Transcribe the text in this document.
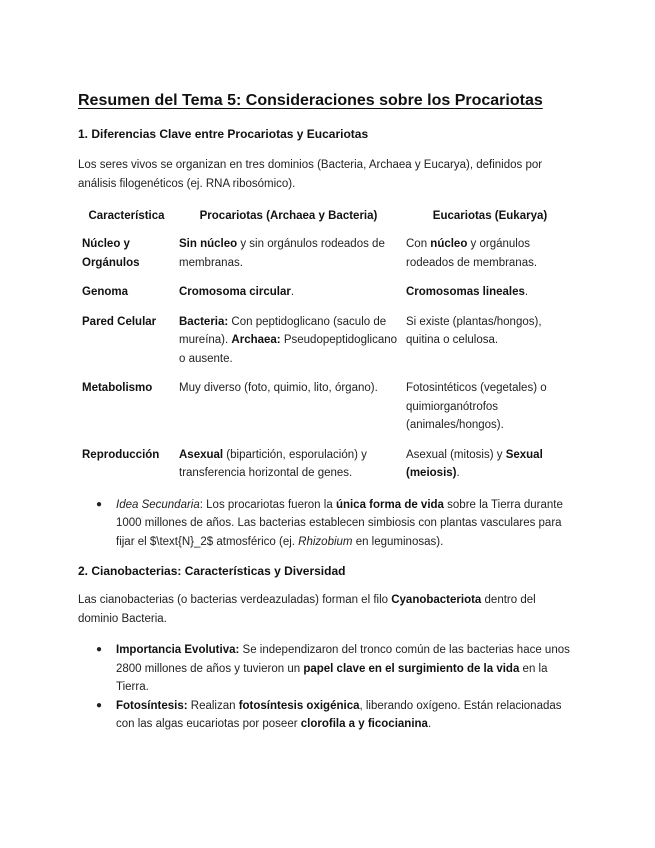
Resumen del Tema 5: Consideraciones sobre los Procariotas
1. Diferencias Clave entre Procariotas y Eucariotas

Los seres vivos se organizan en tres dominios (Bacteria, Archaea y Eucarya), definidos por análisis filogenéticos (ej. RNA ribosómico).

Característica	Procariotas (Archaea y Bacteria)	Eucariotas (Eukarya)
Núcleo y Orgánulos	Sin núcleo y sin orgánulos rodeados de membranas.	Con núcleo y orgánulos rodeados de membranas.
Genoma	Cromosoma circular.	Cromosomas lineales.
Pared Celular	Bacteria: Con peptidoglicano (saculo de mureína). Archaea: Pseudopeptidoglicano o ausente.	Si existe (plantas/hongos), quitina o celulosa.
Metabolismo	Muy diverso (foto, quimio, lito, órgano).	Fotosintéticos (vegetales) o quimiorganótrofos (animales/hongos).
Reproducción	Asexual (bipartición, esporulación) y transferencia horizontal de genes.	Asexual (mitosis) y Sexual (meiosis).
● Idea Secundaria: Los procariotas fueron la única forma de vida sobre la Tierra durante 1000 millones de años. Las bacterias establecen simbiosis con plantas vasculares para fijar el $\text{N}_2$ atmosférico (ej. Rhizobium en leguminosas).
2. Cianobacterias: Características y Diversidad

Las cianobacterias (o bacterias verdeazuladas) forman el filo Cyanobacteriota dentro del dominio Bacteria.

● Importancia Evolutiva: Se independizaron del tronco común de las bacterias hace unos 2800 millones de años y tuvieron un papel clave en el surgimiento de la vida en la Tierra.
● Fotosíntesis: Realizan fotosíntesis oxigénica, liberando oxígeno. Están relacionadas con las algas eucariotas por poseer clorofila a y ficocianina.
